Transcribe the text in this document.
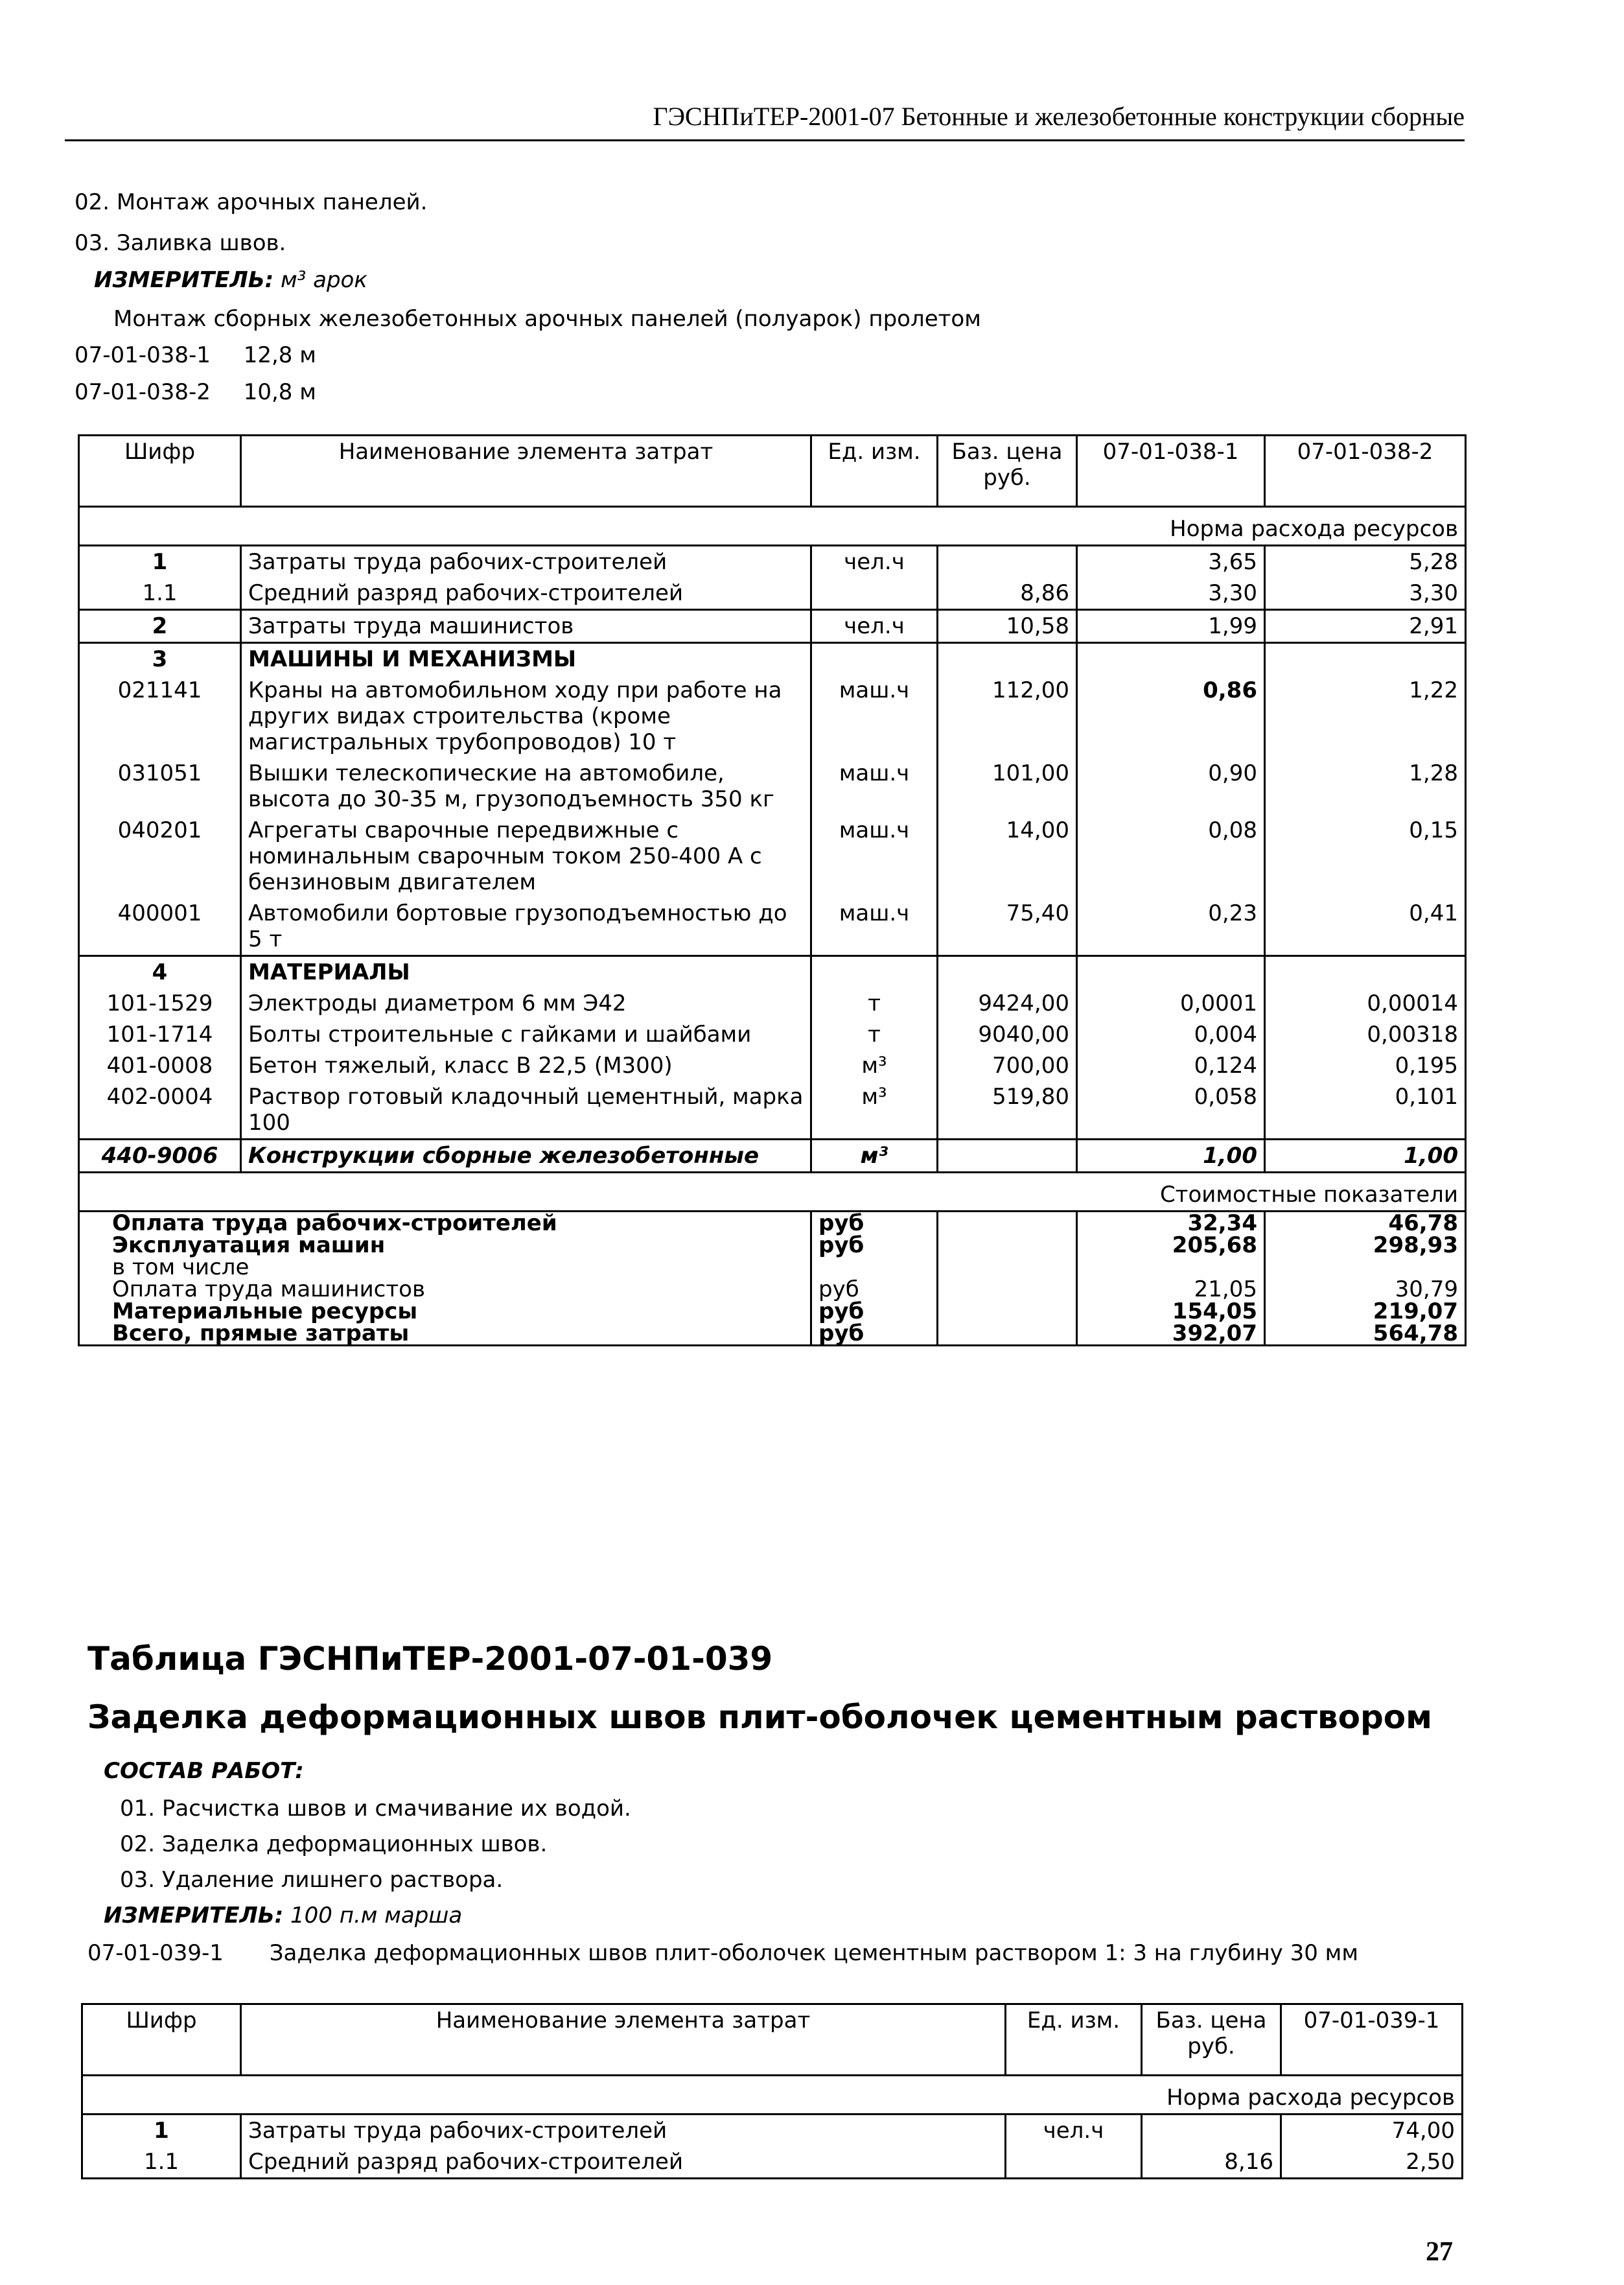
ГЭСНПиТЕР-2001-07 Бетонные и железобетонные конструкции сборные
02. Монтаж арочных панелей.
03. Заливка швов.
ИЗМЕРИТЕЛЬ: м³ арок
Монтаж сборных железобетонных арочных панелей (полуарок) пролетом
07-01-038-1 12,8 м
07-01-038-2 10,8 м
Шифр	Наименование элемента затрат	Ед. изм.	Баз. цена руб.	07-01-038-1	07-01-038-2
Норма расхода ресурсов					
1	Затраты труда рабочих-строителей	чел.ч		3,65	5,28
1.1	Средний разряд рабочих-строителей		8,86	3,30	3,30
2	Затраты труда машинистов	чел.ч	10,58	1,99	2,91
3	МАШИНЫ И МЕХАНИЗМЫ				
021141	Краны на автомобильном ходу при работе на других видах строительства (кроме магистральных трубопроводов) 10 т	маш.ч	112,00	0,86	1,22
031051	Вышки телескопические на автомобиле, высота до 30-35 м, грузоподъемность 350 кг	маш.ч	101,00	0,90	1,28
040201	Агрегаты сварочные передвижные с номинальным сварочным током 250-400 А с бензиновым двигателем	маш.ч	14,00	0,08	0,15
400001	Автомобили бортовые грузоподъемностью до 5 т	маш.ч	75,40	0,23	0,41
4	МАТЕРИАЛЫ				
101-1529	Электроды диаметром 6 мм Э42	т	9424,00	0,0001	0,00014
101-1714	Болты строительные с гайками и шайбами	т	9040,00	0,004	0,00318
401-0008	Бетон тяжелый, класс В 22,5 (М300)	м³	700,00	0,124	0,195
402-0004	Раствор готовый кладочный цементный, марка 100	м³	519,80	0,058	0,101
440-9006	Конструкции сборные железобетонные	м³		1,00	1,00
Стоимостные показатели					
Оплата труда рабочих-строителей		руб		32,34	46,78
Эксплуатация машин		руб		205,68	298,93
в том числе					
Оплата труда машинистов		руб		21,05	30,79
Материальные ресурсы		руб		154,05	219,07
Всего, прямые затраты		руб		392,07	564,78
Таблица ГЭСНПиТЕР-2001-07-01-039
Заделка деформационных швов плит-оболочек цементным раствором
СОСТАВ РАБОТ:
01. Расчистка швов и смачивание их водой.
02. Заделка деформационных швов.
03. Удаление лишнего раствора.
ИЗМЕРИТЕЛЬ: 100 п.м марша
07-01-039-1 Заделка деформационных швов плит-оболочек цементным раствором 1: 3 на глубину 30 мм
Шифр	Наименование элемента затрат	Ед. изм.	Баз. цена руб.	07-01-039-1
Норма расхода ресурсов				
1	Затраты труда рабочих-строителей	чел.ч		74,00
1.1	Средний разряд рабочих-строителей		8,16	2,50
27
